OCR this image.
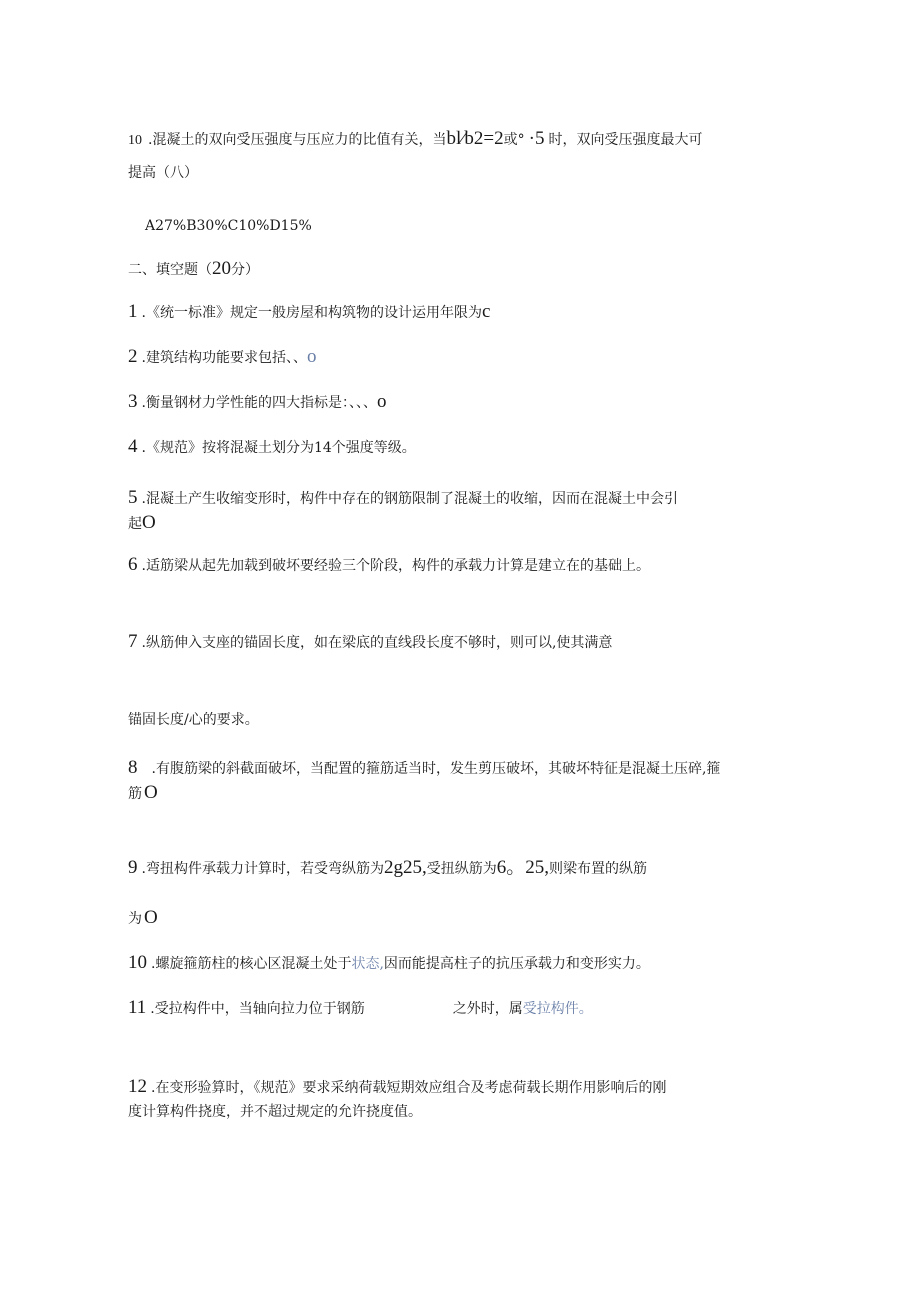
10 .混凝土的双向受压强度与压应力的比值有关，当bl∕b2=2或° ·5 时，双向受压强度最大可
提高（八）
A27%B30%C10%D15%
二、填空题（20分）
1 .《统一标准》规定一般房屋和构筑物的设计运用年限为c
2 .建筑结构功能要求包括、、o
3 .衡量钢材力学性能的四大指标是：、、、o
4 .《规范》按将混凝土划分为14个强度等级。
5 .混凝土产生收缩变形时，构件中存在的钢筋限制了混凝土的收缩，因而在混凝土中会引
起O
6 .适筋梁从起先加载到破坏要经验三个阶段，构件的承载力计算是建立在的基础上。
7 .纵筋伸入支座的锚固长度，如在梁底的直线段长度不够时，则可以,使其满意
锚固长度/心的要求。
8 .有腹筋梁的斜截面破坏，当配置的箍筋适当时，发生剪压破坏，其破坏特征是混凝土压碎,箍
筋 O
9 .弯扭构件承载力计算时，若受弯纵筋为2g25,受扭纵筋为6。25,则梁布置的纵筋
为 O
10 .螺旋箍筋柱的核心区混凝土处于状态,因而能提高柱子的抗压承载力和变形实力。
11 .受拉构件中，当轴向拉力位于钢筋	之外时，属受拉构件。
12 .在变形验算时，《规范》要求采纳荷载短期效应组合及考虑荷载长期作用影响后的刚
度计算构件挠度，并不超过规定的允许挠度值。
